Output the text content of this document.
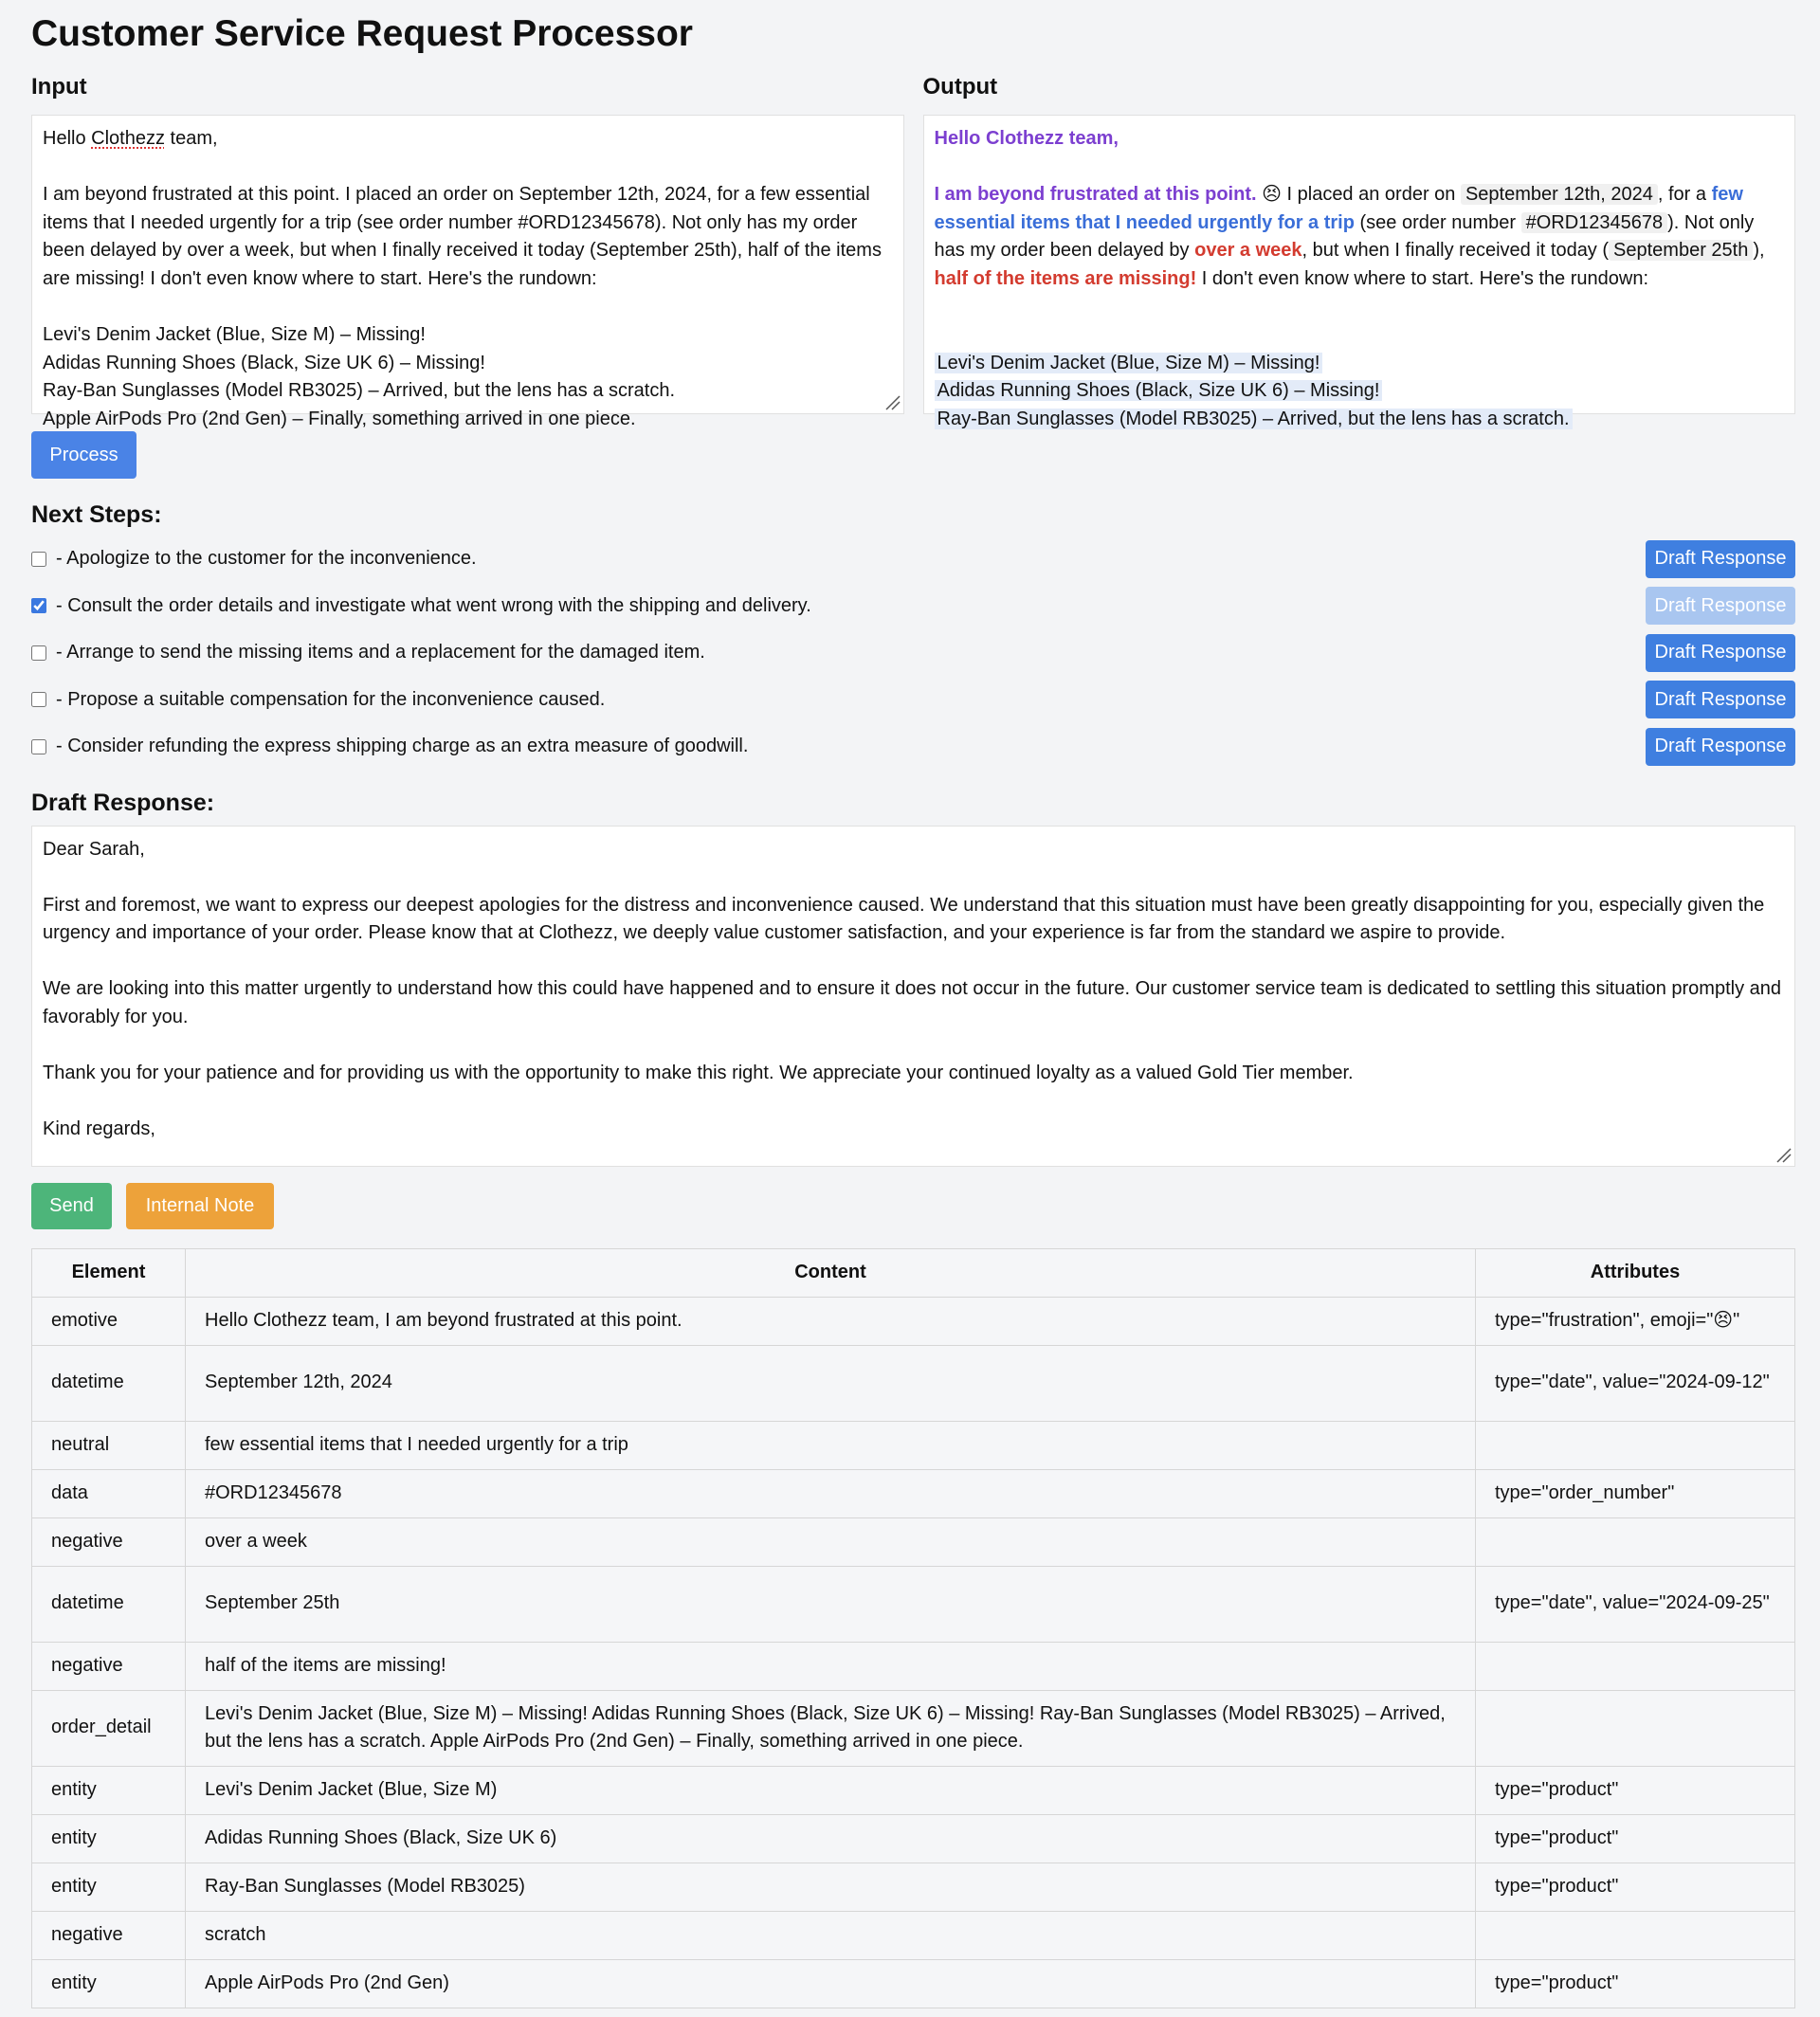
Customer Service Request Processor
Input
Hello Clothezz team,
I am beyond frustrated at this point. I placed an order on September 12th, 2024, for a few essential items that I needed urgently for a trip (see order number #ORD12345678). Not only has my order been delayed by over a week, but when I finally received it today (September 25th), half of the items are missing! I don't even know where to start. Here's the rundown:
Levi's Denim Jacket (Blue, Size M) – Missing!
Adidas Running Shoes (Black, Size UK 6) – Missing!
Ray-Ban Sunglasses (Model RB3025) – Arrived, but the lens has a scratch.
Apple AirPods Pro (2nd Gen) – Finally, something arrived in one piece.
Output
Hello Clothezz team,
I am beyond frustrated at this point. 😣 I placed an order on September 12th, 2024 , for a few essential items that I needed urgently for a trip (see order number #ORD12345678 ). Not only has my order been delayed by over a week, but when I finally received it today ( September 25th ), half of the items are missing! I don't even know where to start. Here's the rundown:
Levi's Denim Jacket (Blue, Size M) – Missing!
Adidas Running Shoes (Black, Size UK 6) – Missing!
Ray-Ban Sunglasses (Model RB3025) – Arrived, but the lens has a scratch.
Process
Next Steps:
- Apologize to the customer for the inconvenience.	Draft Response
- Consult the order details and investigate what went wrong with the shipping and delivery.	Draft Response
- Arrange to send the missing items and a replacement for the damaged item.	Draft Response
- Propose a suitable compensation for the inconvenience caused.	Draft Response
- Consider refunding the express shipping charge as an extra measure of goodwill.	Draft Response
Draft Response:

Dear Sarah,

First and foremost, we want to express our deepest apologies for the distress and inconvenience caused. We understand that this situation must have been greatly disappointing for you, especially given the urgency and importance of your order. Please know that at Clothezz, we deeply value customer satisfaction, and your experience is far from the standard we aspire to provide.

We are looking into this matter urgently to understand how this could have happened and to ensure it does not occur in the future. Our customer service team is dedicated to settling this situation promptly and favorably for you.

Thank you for your patience and for providing us with the opportunity to make this right. We appreciate your continued loyalty as a valued Gold Tier member.

Kind regards,

Send	Internal Note
Element	Content	Attributes
emotive	Hello Clothezz team, I am beyond frustrated at this point.	type="frustration", emoji="😣"
datetime	September 12th, 2024	type="date", value="2024-09-12"
neutral	few essential items that I needed urgently for a trip	
data	#ORD12345678	type="order_number"
negative	over a week	
datetime	September 25th	type="date", value="2024-09-25"
negative	half of the items are missing!	
order_detail	Levi's Denim Jacket (Blue, Size M) – Missing! Adidas Running Shoes (Black, Size UK 6) – Missing! Ray-Ban Sunglasses (Model RB3025) – Arrived, but the lens has a scratch. Apple AirPods Pro (2nd Gen) – Finally, something arrived in one piece.	
entity	Levi's Denim Jacket (Blue, Size M)	type="product"
entity	Adidas Running Shoes (Black, Size UK 6)	type="product"
entity	Ray-Ban Sunglasses (Model RB3025)	type="product"
negative	scratch	
entity	Apple AirPods Pro (2nd Gen)	type="product"
